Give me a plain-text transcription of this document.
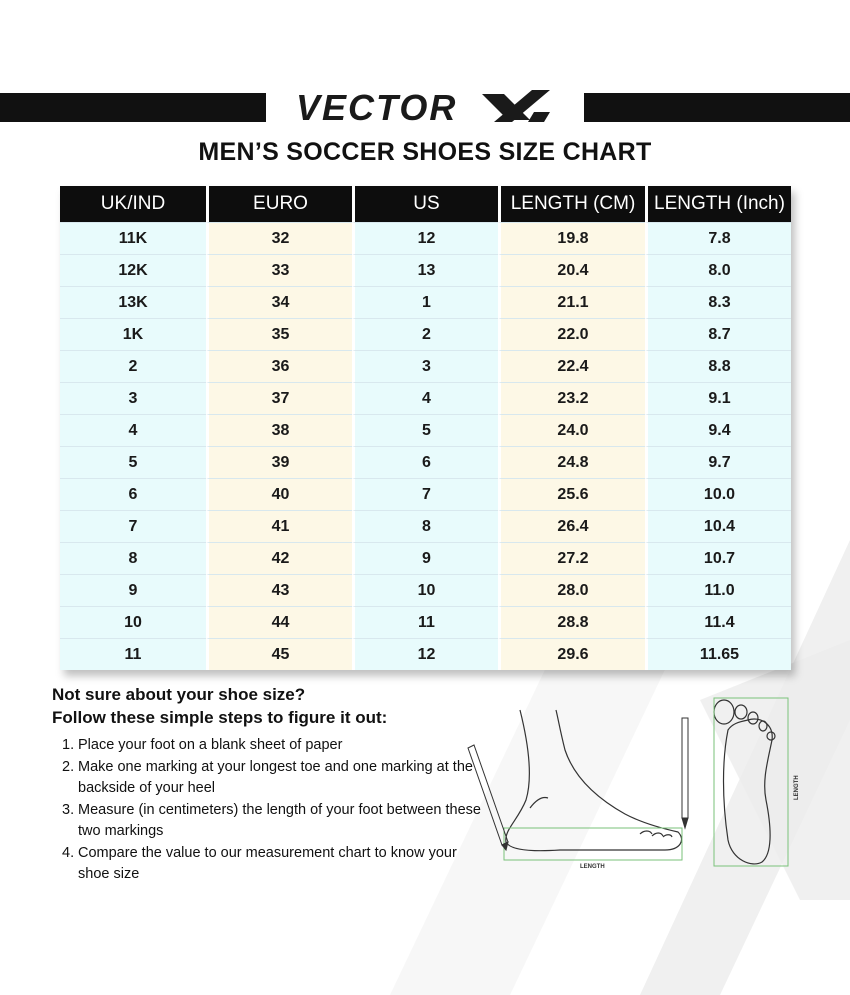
VECTOR
MEN’S SOCCER SHOES SIZE CHART
UK/IND	EURO	US	LENGTH (CM)	LENGTH (Inch)
11K	32	12	19.8	7.8
12K	33	13	20.4	8.0
13K	34	1	21.1	8.3
1K	35	2	22.0	8.7
2	36	3	22.4	8.8
3	37	4	23.2	9.1
4	38	5	24.0	9.4
5	39	6	24.8	9.7
6	40	7	25.6	10.0
7	41	8	26.4	10.4
8	42	9	27.2	10.7
9	43	10	28.0	11.0
10	44	11	28.8	11.4
11	45	12	29.6	11.65

Not sure about your shoe size?

Follow these simple steps to figure it out:

1. Place your foot on a blank sheet of paper
2. Make one marking at your longest toe and one marking at the backside of your heel
3. Measure (in centimeters) the length of your foot between these two markings
4. Compare the value to our measurement chart to know your shoe size	LENGTH
LENGTH
